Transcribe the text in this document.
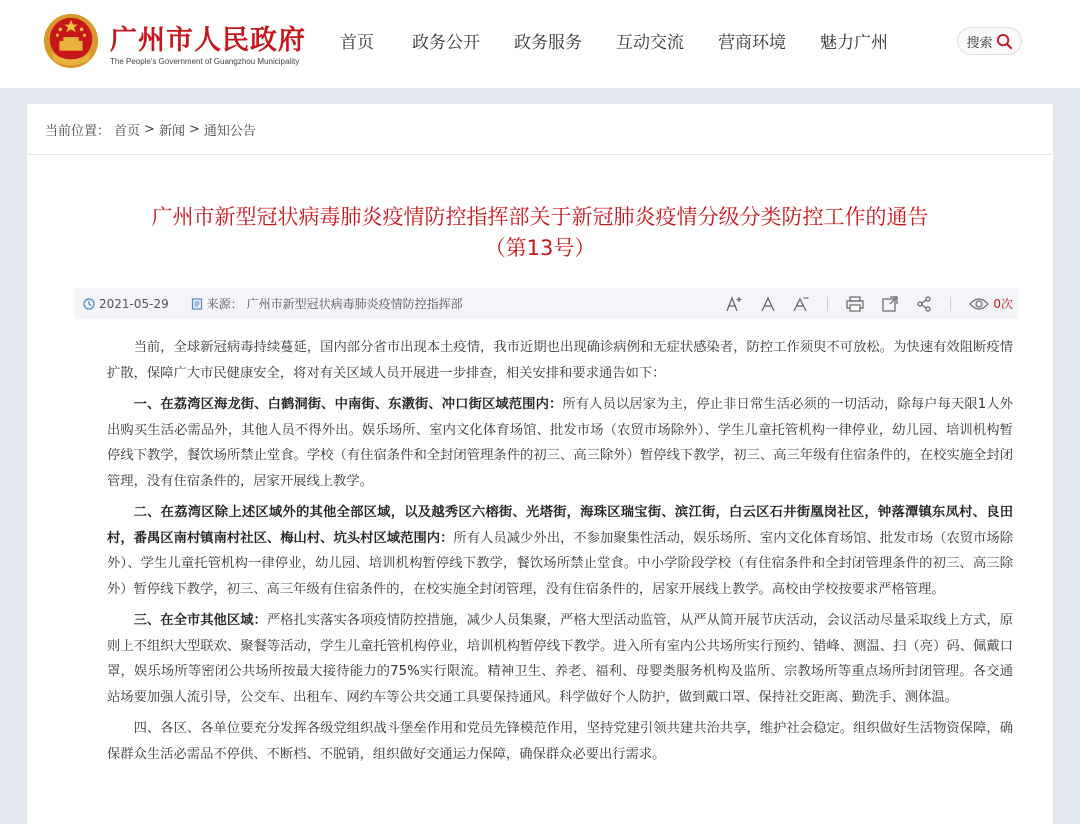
广州市人民政府
The People's Government of Guangzhou Municipality
首页 政务公开 政务服务 互动交流 营商环境 魅力广州	搜索
当前位置： 首页 > 新闻 > 通知公告
广州市新型冠状病毒肺炎疫情防控指挥部关于新冠肺炎疫情分级分类防控工作的通告
（第13号）
2021-05-29	来源： 广州市新型冠状病毒肺炎疫情防控指挥部	0次

当前，全球新冠病毒持续蔓延，国内部分省市出现本土疫情，我市近期也出现确诊病例和无症状感染者，防控工作须臾不可放松。为快速有效阻断疫情扩散，保障广大市民健康安全，将对有关区域人员开展进一步排查，相关安排和要求通告如下：

一、在荔湾区海龙街、白鹤洞街、中南街、东漖街、冲口街区域范围内：所有人员以居家为主，停止非日常生活必须的一切活动，除每户每天限1人外出购买生活必需品外，其他人员不得外出。娱乐场所、室内文化体育场馆、批发市场（农贸市场除外）、学生儿童托管机构一律停业，幼儿园、培训机构暂停线下教学，餐饮场所禁止堂食。学校（有住宿条件和全封闭管理条件的初三、高三除外）暂停线下教学，初三、高三年级有住宿条件的，在校实施全封闭管理，没有住宿条件的，居家开展线上教学。

二、在荔湾区除上述区域外的其他全部区域，以及越秀区六榕街、光塔街，海珠区瑞宝街、滨江街，白云区石井街凰岗社区，钟落潭镇东凤村、良田村，番禺区南村镇南村社区、梅山村、坑头村区域范围内：所有人员减少外出，不参加聚集性活动，娱乐场所、室内文化体育场馆、批发市场（农贸市场除外）、学生儿童托管机构一律停业，幼儿园、培训机构暂停线下教学，餐饮场所禁止堂食。中小学阶段学校（有住宿条件和全封闭管理条件的初三、高三除外）暂停线下教学，初三、高三年级有住宿条件的，在校实施全封闭管理，没有住宿条件的，居家开展线上教学。高校由学校按要求严格管理。

三、在全市其他区域：严格扎实落实各项疫情防控措施，减少人员集聚，严格大型活动监管，从严从简开展节庆活动，会议活动尽量采取线上方式，原则上不组织大型联欢、聚餐等活动，学生儿童托管机构停业，培训机构暂停线下教学。进入所有室内公共场所实行预约、错峰、测温、扫（亮）码、佩戴口罩，娱乐场所等密闭公共场所按最大接待能力的75%实行限流。精神卫生、养老、福利、母婴类服务机构及监所、宗教场所等重点场所封闭管理。各交通站场要加强人流引导，公交车、出租车、网约车等公共交通工具要保持通风。科学做好个人防护，做到戴口罩、保持社交距离、勤洗手、测体温。

四、各区、各单位要充分发挥各级党组织战斗堡垒作用和党员先锋模范作用，坚持党建引领共建共治共享，维护社会稳定。组织做好生活物资保障，确保群众生活必需品不停供、不断档、不脱销，组织做好交通运力保障，确保群众必要出行需求。
